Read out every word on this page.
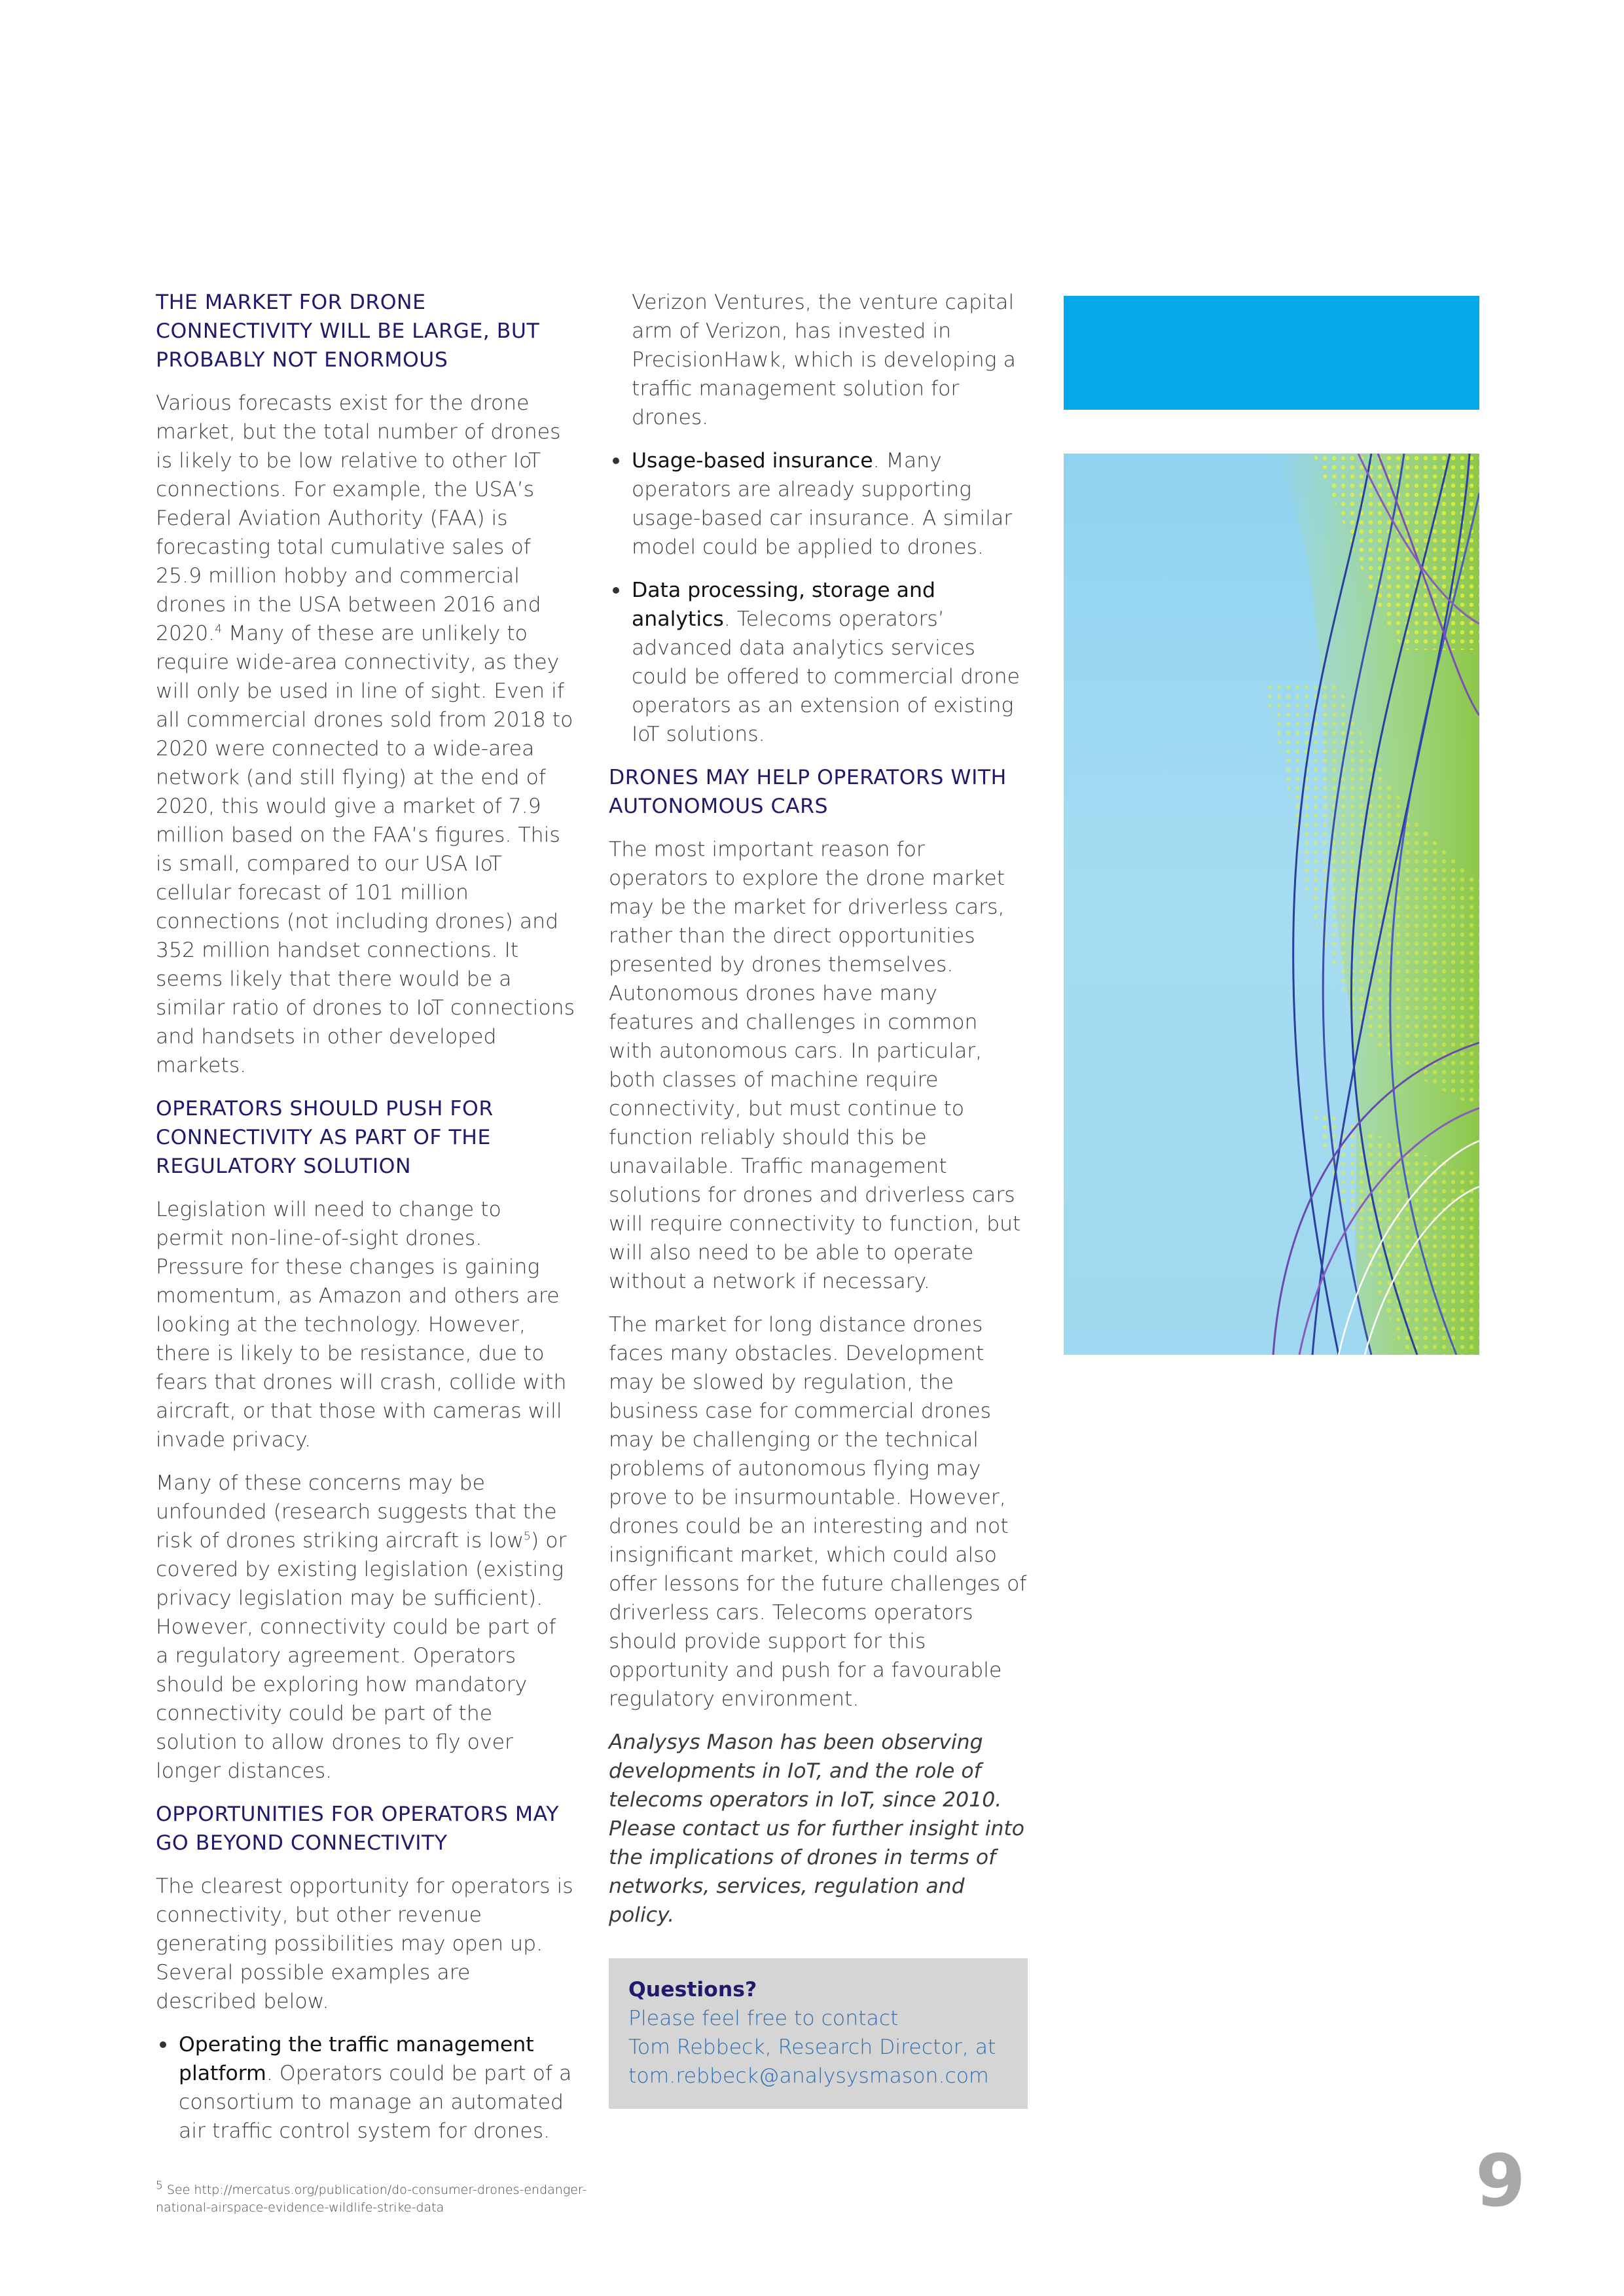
THE MARKET FOR DRONE CONNECTIVITY WILL BE LARGE, BUT PROBABLY NOT ENORMOUS

Various forecasts exist for the drone market, but the total number of drones is likely to be low relative to other IoT connections. For example, the USA’s Federal Aviation Authority (FAA) is forecasting total cumulative sales of 25.9 million hobby and commercial drones in the USA between 2016 and 2020.$^4$ Many of these are unlikely to require wide-area connectivity, as they will only be used in line of sight. Even if all commercial drones sold from 2018 to 2020 were connected to a wide-area network (and still flying) at the end of 2020, this would give a market of 7.9 million based on the FAA’s figures. This is small, compared to our USA IoT cellular forecast of 101 million connections (not including drones) and 352 million handset connections. It seems likely that there would be a similar ratio of drones to IoT connections and handsets in other developed markets.

OPERATORS SHOULD PUSH FOR CONNECTIVITY AS PART OF THE REGULATORY SOLUTION

Legislation will need to change to permit non-line-of-sight drones. Pressure for these changes is gaining momentum, as Amazon and others are looking at the technology. However, there is likely to be resistance, due to fears that drones will crash, collide with aircraft, or that those with cameras will invade privacy.

Many of these concerns may be unfounded (research suggests that the risk of drones striking aircraft is low$^5$) or covered by existing legislation (existing privacy legislation may be sufficient). However, connectivity could be part of a regulatory agreement. Operators should be exploring how mandatory connectivity could be part of the solution to allow drones to fly over longer distances.

OPPORTUNITIES FOR OPERATORS MAY GO BEYOND CONNECTIVITY

The clearest opportunity for operators is connectivity, but other revenue generating possibilities may open up. Several possible examples are described below.

Operating the traffic management platform. Operators could be part of a consortium to manage an automated air traffic control system for drones.

Verizon Ventures, the venture capital arm of Verizon, has invested in PrecisionHawk, which is developing a traffic management solution for drones.

Usage-based insurance. Many operators are already supporting usage-based car insurance. A similar model could be applied to drones.
Data processing, storage and analytics. Telecoms operators’ advanced data analytics services could be offered to commercial drone operators as an extension of existing IoT solutions.
DRONES MAY HELP OPERATORS WITH AUTONOMOUS CARS

The most important reason for operators to explore the drone market may be the market for driverless cars, rather than the direct opportunities presented by drones themselves. Autonomous drones have many features and challenges in common with autonomous cars. In particular, both classes of machine require connectivity, but must continue to function reliably should this be unavailable. Traffic management solutions for drones and driverless cars will require connectivity to function, but will also need to be able to operate without a network if necessary.

The market for long distance drones faces many obstacles. Development may be slowed by regulation, the business case for commercial drones may be challenging or the technical problems of autonomous flying may prove to be insurmountable. However, drones could be an interesting and not insignificant market, which could also offer lessons for the future challenges of driverless cars. Telecoms operators should provide support for this opportunity and push for a favourable regulatory environment.

Analysys Mason has been observing developments in IoT, and the role of telecoms operators in IoT, since 2010. Please contact us for further insight into the implications of drones in terms of networks, services, regulation and policy.

Questions?
Please feel free to contact
Tom Rebbeck, Research Director, at
tom.rebbeck@analysysmason.com
5 See http://mercatus.org/publication/do-consumer-drones-endanger-national-airspace-evidence-wildlife-strike-data	9
